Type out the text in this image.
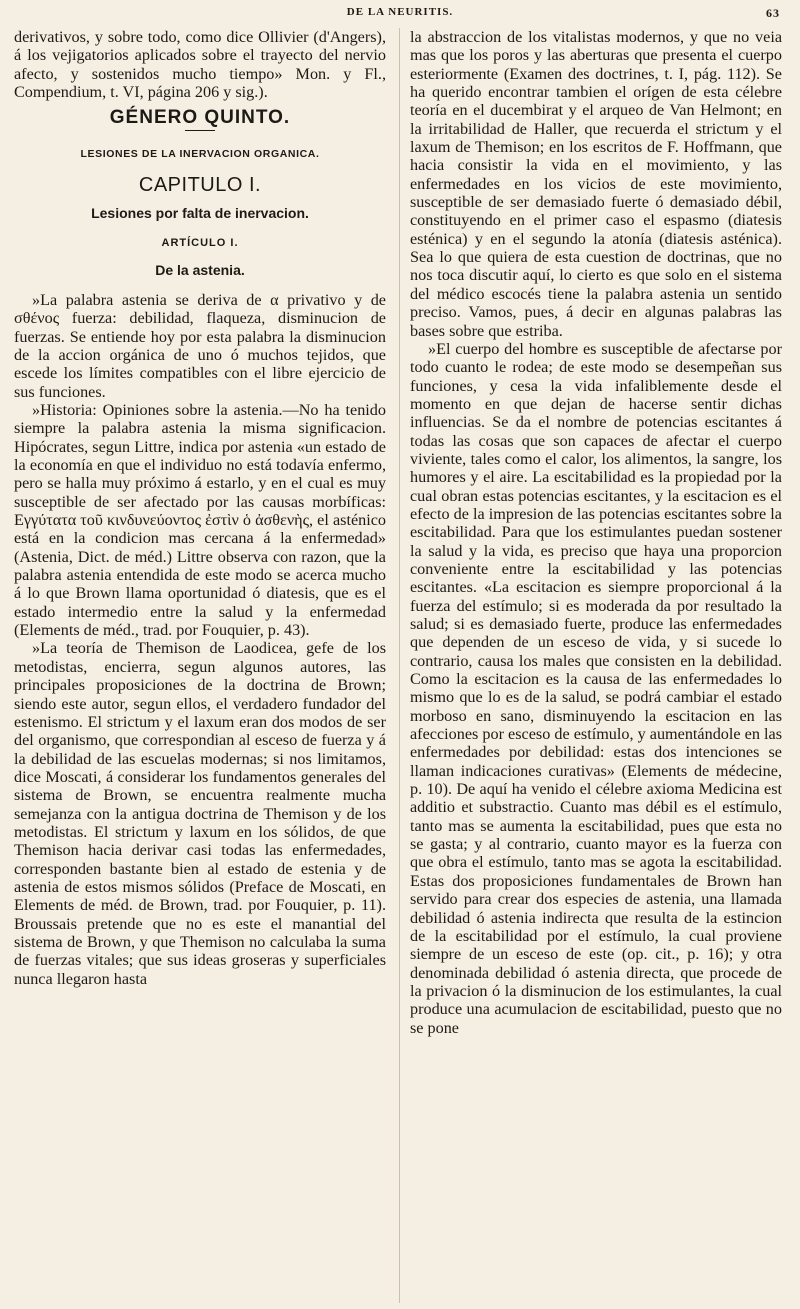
DE LA NEURITIS.	63

derivativos, y sobre todo, como dice Ollivier (d'Angers), á los vejigatorios aplicados sobre el trayecto del nervio afecto, y sostenidos mucho tiempo» Mon. y Fl., Compendium, t. VI, página 206 y sig.).

GÉNERO QUINTO.

LESIONES DE LA INERVACION ORGANICA.

CAPITULO I.

Lesiones por falta de inervacion.

ARTÍCULO I.

De la astenia.

»La palabra astenia se deriva de α privativo y de σθένος fuerza: debilidad, flaqueza, disminucion de fuerzas. Se entiende hoy por esta palabra la disminucion de la accion orgánica de uno ó muchos tejidos, que escede los límites compatibles con el libre ejercicio de sus funciones.

»Historia: Opiniones sobre la astenia.—No ha tenido siempre la palabra astenia la misma significacion. Hipócrates, segun Littre, indica por astenia «un estado de la economía en que el individuo no está todavía enfermo, pero se halla muy próximo á estarlo, y en el cual es muy susceptible de ser afectado por las causas morbíficas: Εγγύτατα τοῦ κινδυνεύοντος ἐστὶν ὁ ἀσθενὴς, el asténico está en la condicion mas cercana á la enfermedad» (Astenia, Dict. de méd.) Littre observa con razon, que la palabra astenia entendida de este modo se acerca mucho á lo que Brown llama oportunidad ó diatesis, que es el estado intermedio entre la salud y la enfermedad (Elements de méd., trad. por Fouquier, p. 43).

»La teoría de Themison de Laodicea, gefe de los metodistas, encierra, segun algunos autores, las principales proposiciones de la doctrina de Brown; siendo este autor, segun ellos, el verdadero fundador del estenismo. El strictum y el laxum eran dos modos de ser del organismo, que correspondian al esceso de fuerza y á la debilidad de las escuelas modernas; si nos limitamos, dice Moscati, á considerar los fundamentos generales del sistema de Brown, se encuentra realmente mucha semejanza con la antigua doctrina de Themison y de los metodistas. El strictum y laxum en los sólidos, de que Themison hacia derivar casi todas las enfermedades, corresponden bastante bien al estado de estenia y de astenia de estos mismos sólidos (Preface de Moscati, en Elements de méd. de Brown, trad. por Fouquier, p. 11). Broussais pretende que no es este el manantial del sistema de Brown, y que Themison no calculaba la suma de fuerzas vitales; que sus ideas groseras y superficiales nunca llegaron hasta

la abstraccion de los vitalistas modernos, y que no veia mas que los poros y las aberturas que presenta el cuerpo esteriormente (Examen des doctrines, t. I, pág. 112). Se ha querido encontrar tambien el orígen de esta célebre teoría en el ducembirat y el arqueo de Van Helmont; en la irritabilidad de Haller, que recuerda el strictum y el laxum de Themison; en los escritos de F. Hoffmann, que hacia consistir la vida en el movimiento, y las enfermedades en los vicios de este movimiento, susceptible de ser demasiado fuerte ó demasiado débil, constituyendo en el primer caso el espasmo (diatesis esténica) y en el segundo la atonía (diatesis asténica). Sea lo que quiera de esta cuestion de doctrinas, que no nos toca discutir aquí, lo cierto es que solo en el sistema del médico escocés tiene la palabra astenia un sentido preciso. Vamos, pues, á decir en algunas palabras las bases sobre que estriba.

»El cuerpo del hombre es susceptible de afectarse por todo cuanto le rodea; de este modo se desempeñan sus funciones, y cesa la vida infaliblemente desde el momento en que dejan de hacerse sentir dichas influencias. Se da el nombre de potencias escitantes á todas las cosas que son capaces de afectar el cuerpo viviente, tales como el calor, los alimentos, la sangre, los humores y el aire. La escitabilidad es la propiedad por la cual obran estas potencias escitantes, y la escitacion es el efecto de la impresion de las potencias escitantes sobre la escitabilidad. Para que los estimulantes puedan sostener la salud y la vida, es preciso que haya una proporcion conveniente entre la escitabilidad y las potencias escitantes. «La escitacion es siempre proporcional á la fuerza del estímulo; si es moderada da por resultado la salud; si es demasiado fuerte, produce las enfermedades que dependen de un esceso de vida, y si sucede lo contrario, causa los males que consisten en la debilidad. Como la escitacion es la causa de las enfermedades lo mismo que lo es de la salud, se podrá cambiar el estado morboso en sano, disminuyendo la escitacion en las afecciones por esceso de estímulo, y aumentándole en las enfermedades por debilidad: estas dos intenciones se llaman indicaciones curativas» (Elements de médecine, p. 10). De aquí ha venido el célebre axioma Medicina est additio et substractio. Cuanto mas débil es el estímulo, tanto mas se aumenta la escitabilidad, pues que esta no se gasta; y al contrario, cuanto mayor es la fuerza con que obra el estímulo, tanto mas se agota la escitabilidad. Estas dos proposiciones fundamentales de Brown han servido para crear dos especies de astenia, una llamada debilidad ó astenia indirecta que resulta de la estincion de la escitabilidad por el estímulo, la cual proviene siempre de un esceso de este (op. cit., p. 16); y otra denominada debilidad ó astenia directa, que procede de la privacion ó la disminucion de los estimulantes, la cual produce una acumulacion de escitabilidad, puesto que no se pone
